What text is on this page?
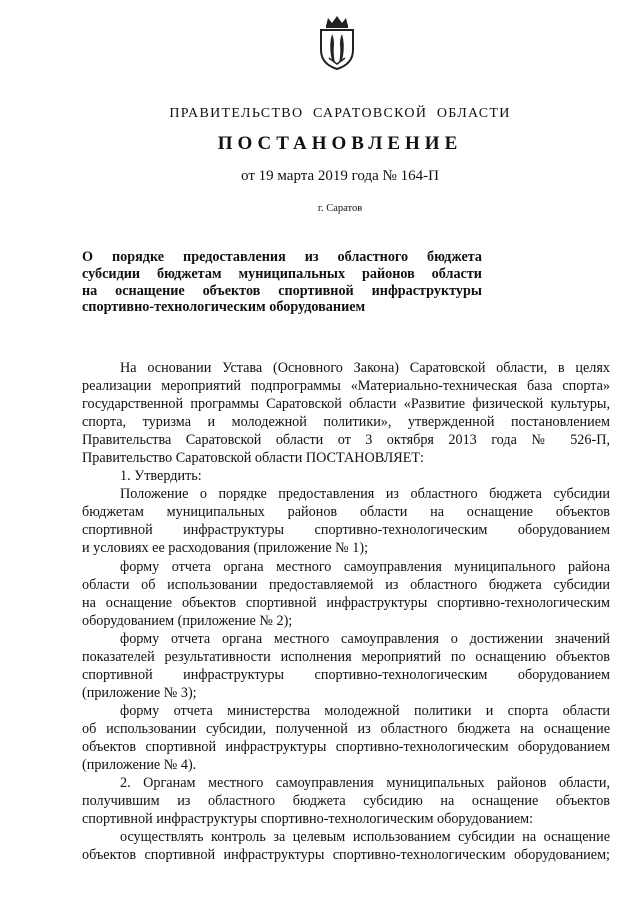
ПРАВИТЕЛЬСТВО  САРАТОВСКОЙ  ОБЛАСТИ
ПОСТАНОВЛЕНИЕ
от 19 марта 2019 года № 164-П
г. Саратов
О порядке предоставления из областного бюджета
субсидии бюджетам муниципальных районов области
на оснащение объектов спортивной инфраструктуры
спортивно-технологическим оборудованием
На основании Устава (Основного Закона) Саратовской области, в целях
реализации мероприятий подпрограммы «Материально-техническая база спорта»
государственной программы Саратовской области «Развитие физической культуры,
спорта, туризма и молодежной политики», утвержденной постановлением
Правительства Саратовской области от 3 октября 2013 года № 526-П,
Правительство Саратовской области ПОСТАНОВЛЯЕТ:
1. Утвердить:
Положение о порядке предоставления из областного бюджета субсидии
бюджетам муниципальных районов области на оснащение объектов
спортивной инфраструктуры спортивно-технологическим оборудованием
и условиях ее расходования (приложение № 1);
форму отчета органа местного самоуправления муниципального района
области об использовании предоставляемой из областного бюджета субсидии
на оснащение объектов спортивной инфраструктуры спортивно-технологическим
оборудованием (приложение № 2);
форму отчета органа местного самоуправления о достижении значений
показателей результативности исполнения мероприятий по оснащению объектов
спортивной инфраструктуры спортивно-технологическим оборудованием
(приложение № 3);
форму отчета министерства молодежной политики и спорта области
об использовании субсидии, полученной из областного бюджета на оснащение
объектов спортивной инфраструктуры спортивно-технологическим оборудованием
(приложение № 4).
2. Органам местного самоуправления муниципальных районов области,
получившим из областного бюджета субсидию на оснащение объектов
спортивной инфраструктуры спортивно-технологическим оборудованием:
осуществлять контроль за целевым использованием субсидии на оснащение
объектов спортивной инфраструктуры спортивно-технологическим оборудованием;
